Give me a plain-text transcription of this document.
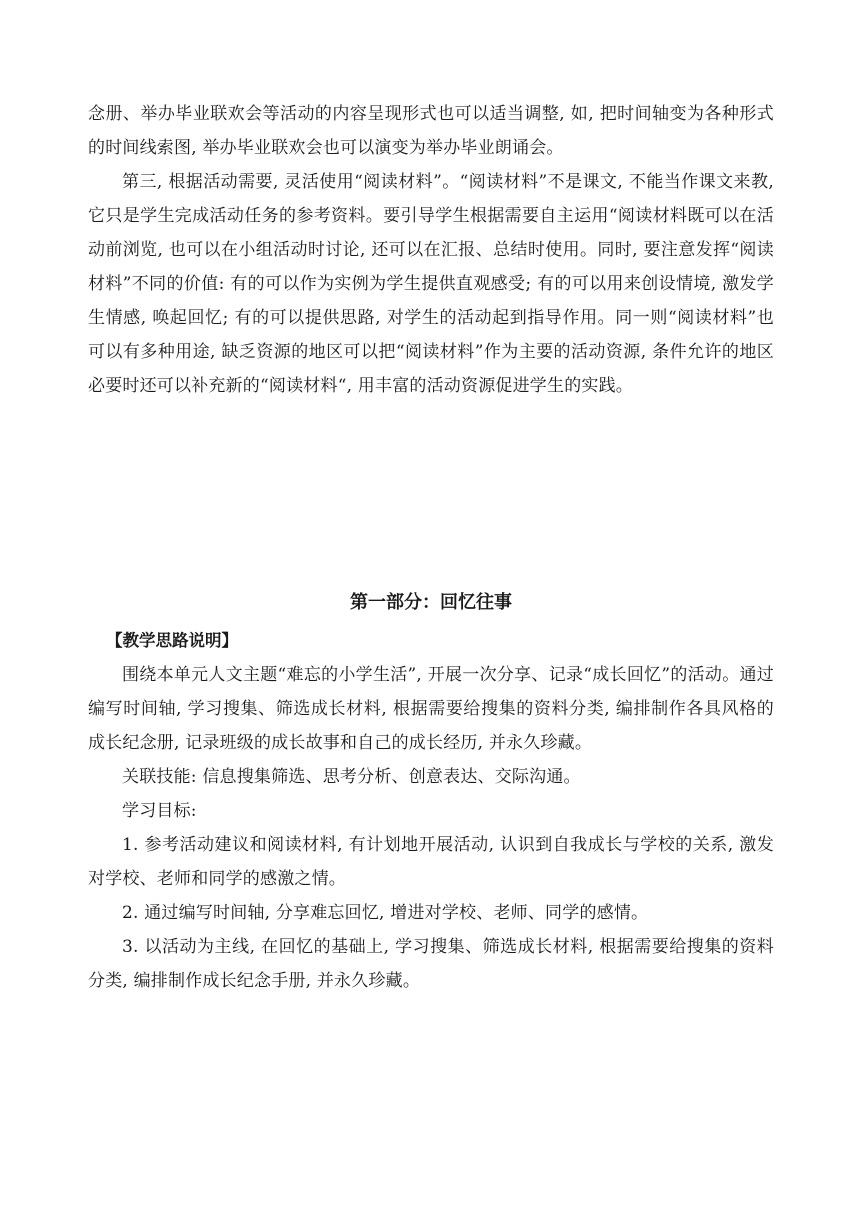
念册、举办毕业联欢会等活动的内容呈现形式也可以适当调整, 如, 把时间轴变为各种形式的时间线索图, 举办毕业联欢会也可以演变为举办毕业朗诵会。

第三, 根据活动需要, 灵活使用“阅读材料”。“阅读材料”不是课文, 不能当作课文来教, 它只是学生完成活动任务的参考资料。要引导学生根据需要自主运用“阅读材料既可以在活动前浏览, 也可以在小组活动时讨论, 还可以在汇报、总结时使用。同时, 要注意发挥“阅读材料”不同的价值: 有的可以作为实例为学生提供直观感受; 有的可以用来创设情境, 激发学生情感, 唤起回忆; 有的可以提供思路, 对学生的活动起到指导作用。同一则“阅读材料”也可以有多种用途, 缺乏资源的地区可以把“阅读材料”作为主要的活动资源, 条件允许的地区必要时还可以补充新的“阅读材料“, 用丰富的活动资源促进学生的实践。

第一部分：回忆往事

【教学思路说明】

围绕本单元人文主题“难忘的小学生活”, 开展一次分享、记录“成长回忆”的活动。通过编写时间轴, 学习搜集、筛选成长材料, 根据需要给搜集的资料分类, 编排制作各具风格的成长纪念册, 记录班级的成长故事和自己的成长经历, 并永久珍藏。

关联技能: 信息搜集筛选、思考分析、创意表达、交际沟通。

学习目标:

1. 参考活动建议和阅读材料, 有计划地开展活动, 认识到自我成长与学校的关系, 激发对学校、老师和同学的感激之情。

2. 通过编写时间轴, 分享难忘回忆, 增进对学校、老师、同学的感情。

3. 以活动为主线, 在回忆的基础上, 学习搜集、筛选成长材料, 根据需要给搜集的资料分类, 编排制作成长纪念手册, 并永久珍藏。
